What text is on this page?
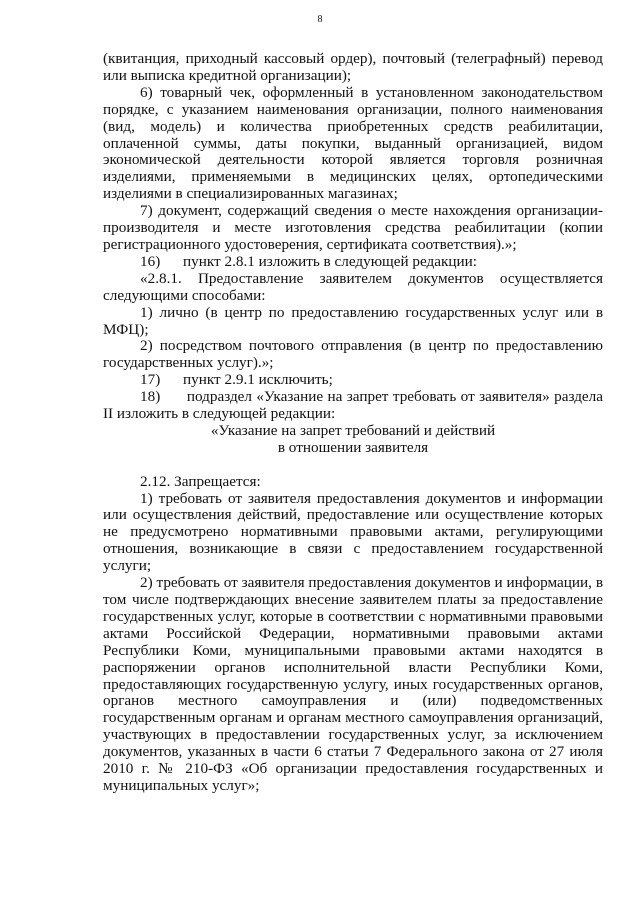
8

(квитанция, приходный кассовый ордер), почтовый (телеграфный) перевод или выписка кредитной организации);

6) товарный чек, оформленный в установленном законодательством порядке, с указанием наименования организации, полного наименования (вид, модель) и количества приобретенных средств реабилитации, оплаченной суммы, даты покупки, выданный организацией, видом экономической деятельности которой является торговля розничная изделиями, применяемыми в медицинских целях, ортопедическими изделиями в специализированных магазинах;

7) документ, содержащий сведения о месте нахождения организации-производителя и месте изготовления средства реабилитации (копии регистрационного удостоверения, сертификата соответствия).»;

16)      пункт 2.8.1 изложить в следующей редакции:

«2.8.1. Предоставление заявителем документов осуществляется следующими способами:

1) лично (в центр по предоставлению государственных услуг или в МФЦ);

2) посредством почтового отправления (в центр по предоставлению государственных услуг).»;

17)      пункт 2.9.1 исключить;

18)      подраздел «Указание на запрет требовать от заявителя» раздела II изложить в следующей редакции:

«Указание на запрет требований и действий

в отношении заявителя

2.12. Запрещается:

1) требовать от заявителя предоставления документов и информации или осуществления действий, предоставление или осуществление которых не предусмотрено нормативными правовыми актами, регулирующими отношения, возникающие в связи с предоставлением государственной услуги;

2) требовать от заявителя предоставления документов и информации, в том числе подтверждающих внесение заявителем платы за предоставление государственных услуг, которые в соответствии с нормативными правовыми актами Российской Федерации, нормативными правовыми актами Республики Коми, муниципальными правовыми актами находятся в распоряжении органов исполнительной власти Республики Коми, предоставляющих государственную услугу, иных государственных органов, органов местного самоуправления и (или) подведомственных государственным органам и органам местного самоуправления организаций, участвующих в предоставлении государственных услуг, за исключением документов, указанных в части 6 статьи 7 Федерального закона от 27 июля 2010 г. № 210-ФЗ «Об организации предоставления государственных и муниципальных услуг»;
